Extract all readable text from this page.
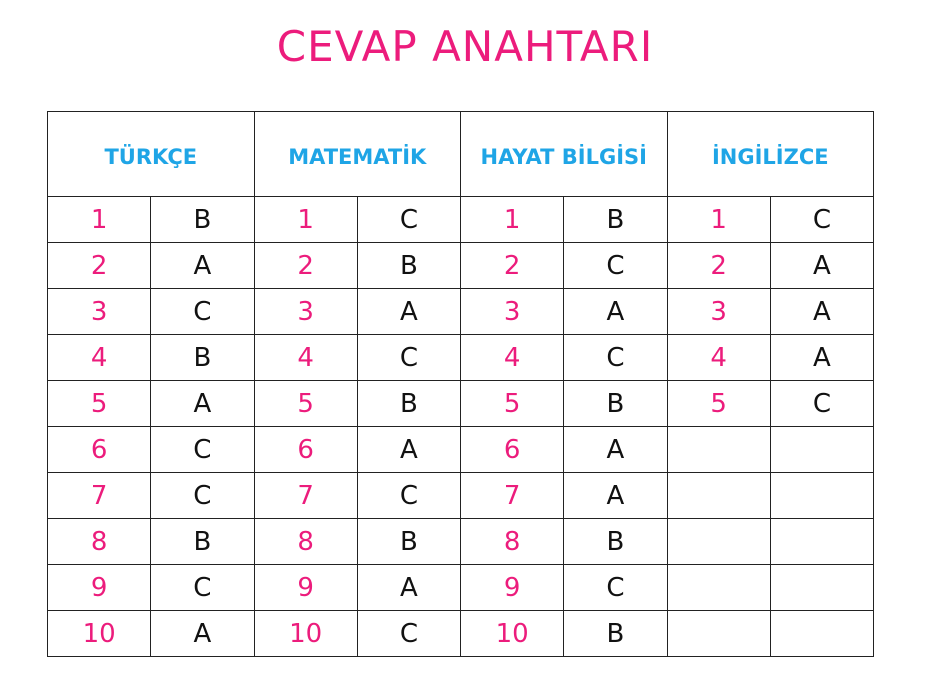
CEVAP ANAHTARI
TÜRKÇE		MATEMATİK		HAYAT BİLGİSİ		İNGİLİZCE	

1	B	1	C	1	B	1	C
2	A	2	B	2	C	2	A
3	C	3	A	3	A	3	A
4	B	4	C	4	C	4	A
5	A	5	B	5	B	5	C
6	C	6	A	6	A		
7	C	7	C	7	A		
8	B	8	B	8	B		
9	C	9	A	9	C		
10	A	10	C	10	B		
